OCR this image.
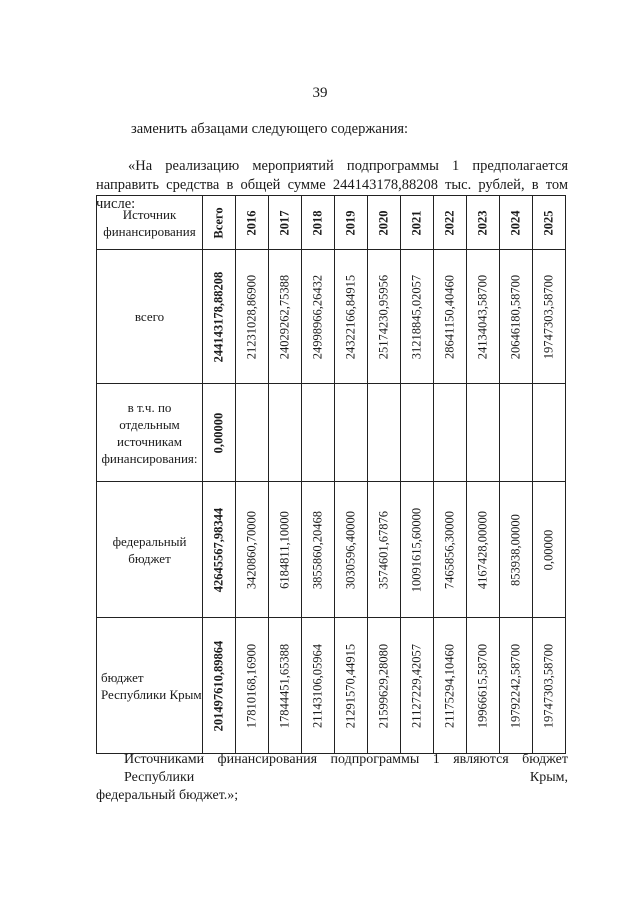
39
заменить абзацами следующего содержания:
«На реализацию мероприятий подпрограммы 1 предполагается
направить средства в общей сумме 244143178,88208 тыс. рублей, в том числе:
Источник финансирования	Всего	2016	2017	2018	2019	2020	2021	2022	2023	2024	2025

всего	244143178,88208	21231028,86900	24029262,75388	24998966,26432	24322166,84915	25174230,95956	31218845,02057	28641150,40460	24134043,58700	20646180,58700	19747303,58700

в т.ч. по отдельным источникам финансирования:	0,00000										

федеральный бюджет	42645567,98344	3420860,70000	6184811,10000	3855860,20468	3030596,40000	3574601,67876	10091615,60000	7465856,30000	4167428,00000	853938,00000	0,00000

бюджет Республики Крым	201497610,89864	17810168,16900	17844451,65388	21143106,05964	21291570,44915	21599629,28080	21127229,42057	21175294,10460	19966615,58700	19792242,58700	19747303,58700
Источниками финансирования подпрограммы 1 являются бюджет Республики Крым,
федеральный бюджет.»;
